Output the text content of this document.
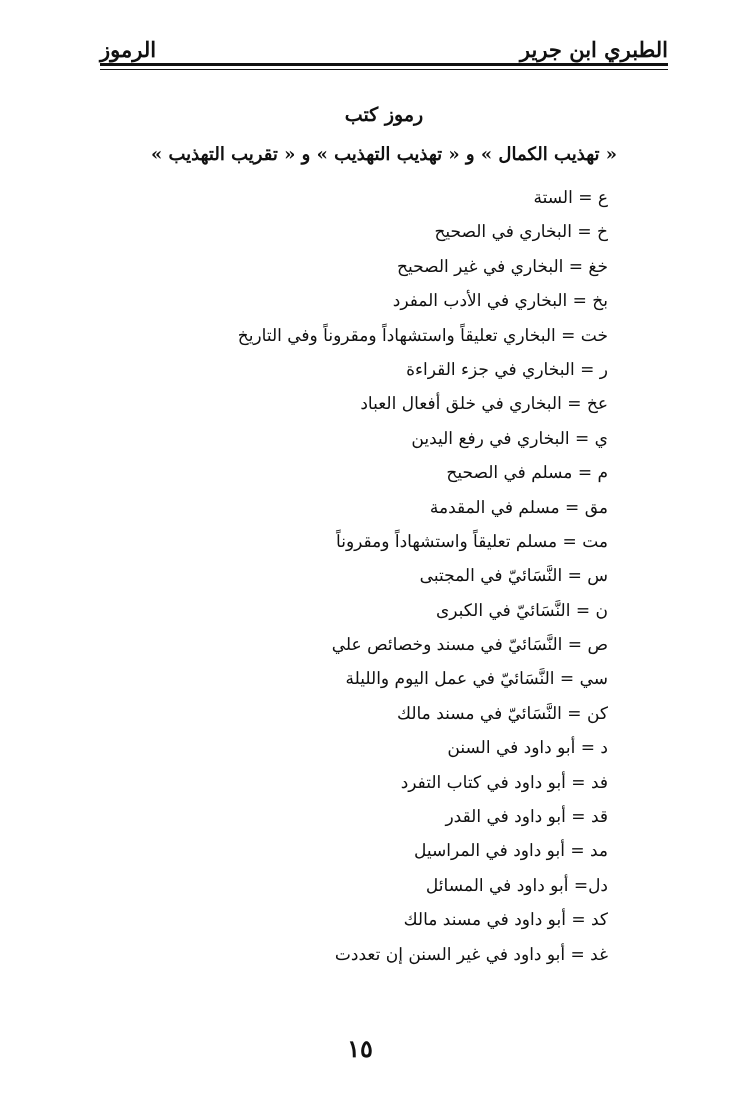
الطبري ابن جرير
الرموز
رموز كتب
« تهذيب الكمال » و « تهذيب التهذيب » و « تقريب التهذيب »
ع = الستة
خ = البخاري في الصحيح
خغ = البخاري في غير الصحيح
بخ = البخاري في الأدب المفرد
خت = البخاري تعليقاً واستشهاداً ومقروناً وفي التاريخ
ر = البخاري في جزء القراءة
عخ = البخاري في خلق أفعال العباد
ي = البخاري في رفع اليدين
م = مسلم في الصحيح
مق = مسلم في المقدمة
مت = مسلم تعليقاً واستشهاداً ومقروناً
س = النَّسَائيّ في المجتبى
ن = النَّسَائيّ في الكبرى
ص = النَّسَائيّ في مسند وخصائص علي
سي = النَّسَائيّ في عمل اليوم والليلة
كن = النَّسَائيّ في مسند مالك
د = أبو داود في السنن
فد = أبو داود في كتاب التفرد
قد = أبو داود في القدر
مد = أبو داود في المراسيل
دل= أبو داود في المسائل
كد = أبو داود في مسند مالك
غد = أبو داود في غير السنن إن تعددت
١٥
